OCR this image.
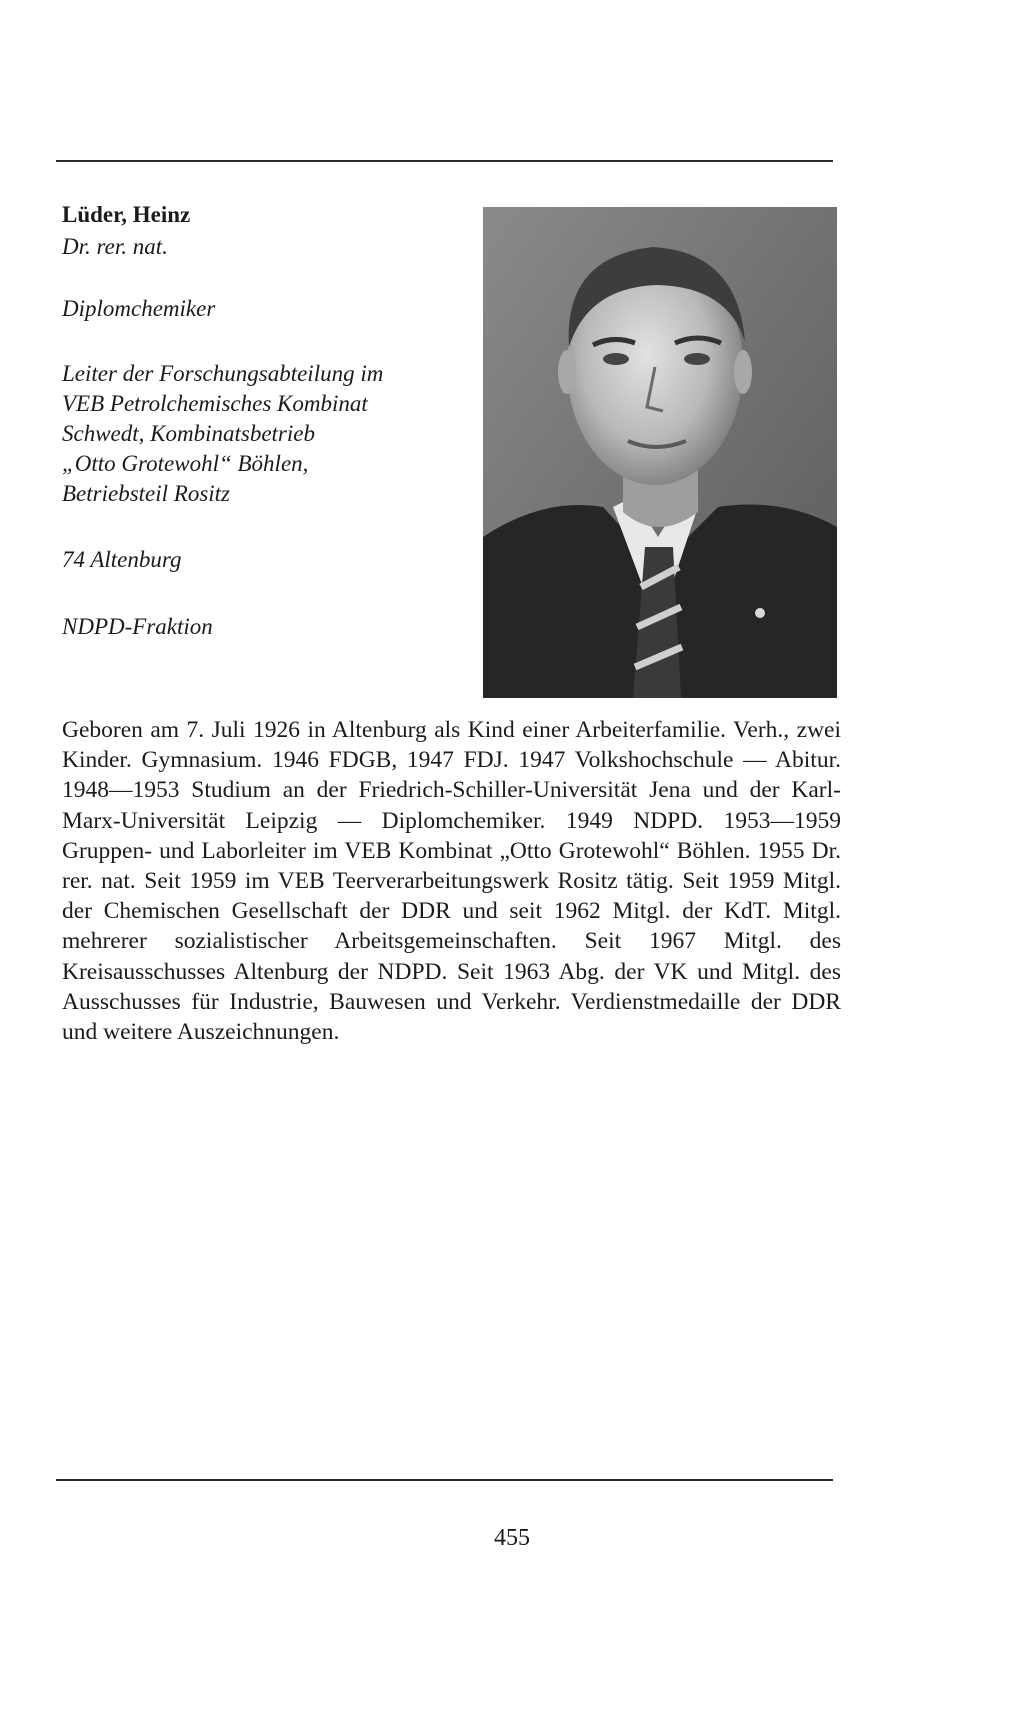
Lüder, Heinz

Dr. rer. nat.

Diplomchemiker

Leiter der Forschungsabteilung im
VEB Petrolchemisches Kombinat
Schwedt, Kombinatsbetrieb
„Otto Grotewohl“ Böhlen,
Betriebsteil Rositz

74 Altenburg

NDPD-Fraktion

Geboren am 7. Juli 1926 in Altenburg als Kind einer Arbeiterfamilie. Verh., zwei Kinder. Gymnasium. 1946 FDGB, 1947 FDJ. 1947 Volkshochschule — Abitur. 1948—1953 Studium an der Friedrich-Schiller-Universität Jena und der Karl-Marx-Universität Leipzig — Diplomchemiker. 1949 NDPD. 1953—1959 Gruppen- und Laborleiter im VEB Kombinat „Otto Grotewohl“ Böhlen. 1955 Dr. rer. nat. Seit 1959 im VEB Teerverarbeitungswerk Rositz tätig. Seit 1959 Mitgl. der Chemischen Gesellschaft der DDR und seit 1962 Mitgl. der KdT. Mitgl. mehrerer sozialistischer Arbeitsgemeinschaften. Seit 1967 Mitgl. des Kreisausschusses Altenburg der NDPD. Seit 1963 Abg. der VK und Mitgl. des Ausschusses für Industrie, Bauwesen und Verkehr. Verdienstmedaille der DDR und weitere Auszeichnungen.

455
